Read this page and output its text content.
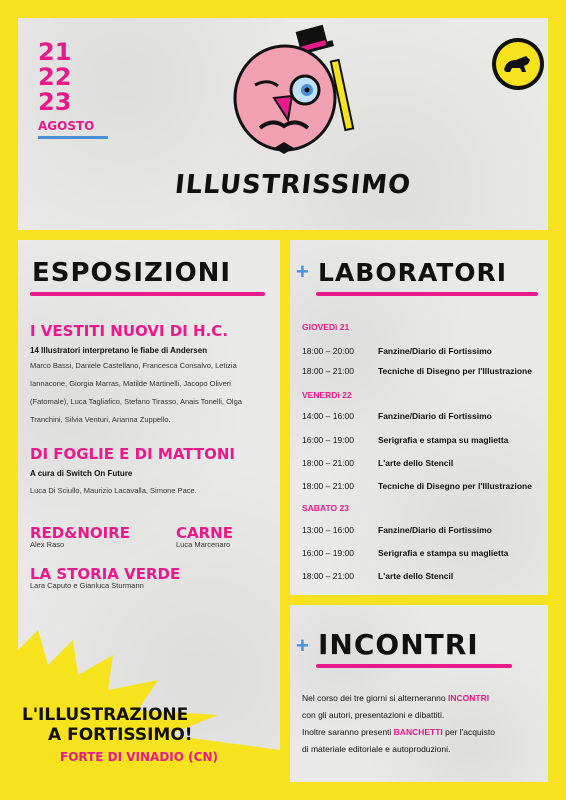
21
22
23
AGOSTO
ILLUSTRISSIMO
ESPOSIZIONI
I VESTITI NUOVI DI H.C.
14 Illustratori interpretano le fiabe di Andersen
Marco Bassi, Daniele Castellano, Francesca Consalvo, Letizia Iannacone, Giorgia Marras, Matilde Martinelli, Jacopo Oliveri (Fatomale), Luca Tagliafico, Stefano Tirasso, Anais Tonelli, Olga Tranchini, Silvia Venturi, Arianna Zuppello.
DI FOGLIE E DI MATTONI
A cura di Switch On Future
Luca Di Sciullo, Maurizio Lacavalla, Simone Pace.
RED&NOIRE
Alex Raso
CARNE
Luca Marcenaro
LA STORIA VERDE
Lara Caputo e Gianluca Sturmann
L'ILLUSTRAZIONE
A FORTISSIMO!
FORTE DI VINADIO (CN)
+ LABORATORI
GIOVEDì 21
18:00 – 20:00	Fanzine/Diario di Fortissimo
18:00 – 21:00	Tecniche di Disegno per l'Illustrazione
VENERDì 22
14:00 – 16:00	Fanzine/Diario di Fortissimo
16:00 – 19:00	Serigrafia e stampa su maglietta
18:00 – 21:00	L'arte dello Stencil
18:00 – 21:00	Tecniche di Disegno per l'Illustrazione
SABATO 23
13:00 – 16:00	Fanzine/Diario di Fortissimo
16:00 – 19:00	Serigrafia e stampa su maglietta
18:00 – 21:00	L'arte dello Stencil
+ INCONTRI
Nel corso dei tre giorni si alterneranno INCONTRI
con gli autori, presentazioni e dibattiti.
Inoltre saranno presenti BANCHETTI per l'acquisto
di materiale editoriale e autoproduzioni.
